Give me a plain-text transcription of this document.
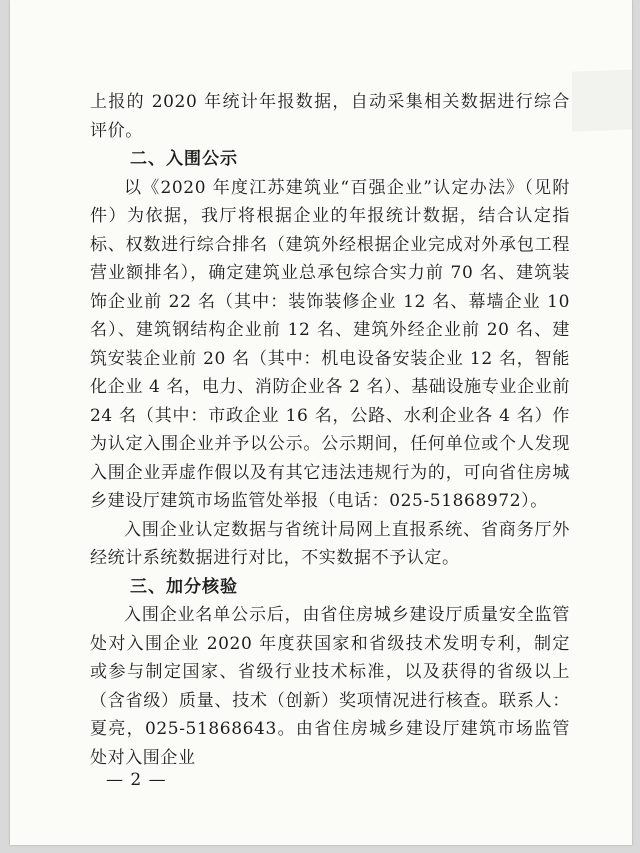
上报的 2020 年统计年报数据，自动采集相关数据进行综合评价。

二、入围公示

以《2020 年度江苏建筑业“百强企业”认定办法》（见附件）为依据，我厅将根据企业的年报统计数据，结合认定指标、权数进行综合排名（建筑外经根据企业完成对外承包工程营业额排名），确定建筑业总承包综合实力前 70 名、建筑装饰企业前 22 名（其中：装饰装修企业 12 名、幕墙企业 10 名）、建筑钢结构企业前 12 名、建筑外经企业前 20 名、建筑安装企业前 20 名（其中：机电设备安装企业 12 名，智能化企业 4 名，电力、消防企业各 2 名）、基础设施专业企业前 24 名（其中：市政企业 16 名，公路、水利企业各 4 名）作为认定入围企业并予以公示。公示期间，任何单位或个人发现入围企业弄虚作假以及有其它违法违规行为的，可向省住房城乡建设厅建筑市场监管处举报（电话：025-51868972）。

入围企业认定数据与省统计局网上直报系统、省商务厅外经统计系统数据进行对比，不实数据不予认定。

三、加分核验

入围企业名单公示后，由省住房城乡建设厅质量安全监管处对入围企业 2020 年度获国家和省级技术发明专利，制定或参与制定国家、省级行业技术标准，以及获得的省级以上（含省级）质量、技术（创新）奖项情况进行核查。联系人：夏亮，025-51868643。由省住房城乡建设厅建筑市场监管处对入围企业

— 2 —
